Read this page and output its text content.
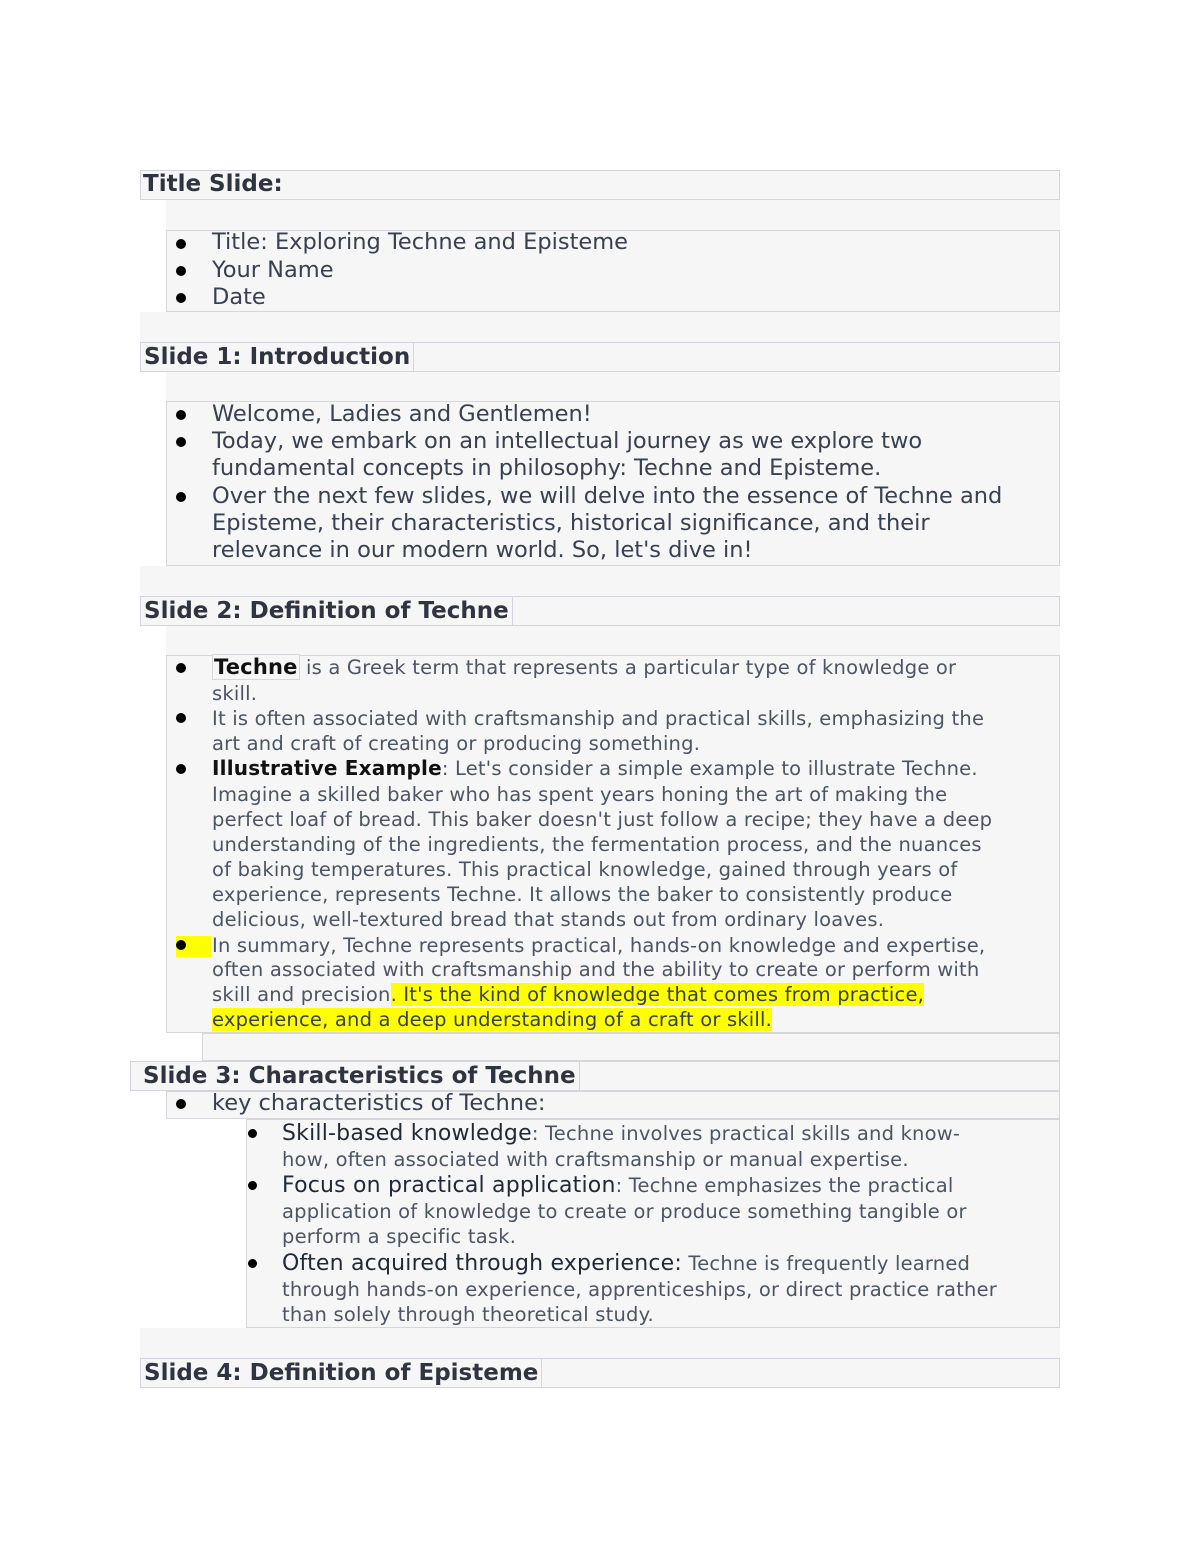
Title Slide:
Title: Exploring Techne and Episteme
Your Name
Date
Slide 1: Introduction
Welcome, Ladies and Gentlemen!
Today, we embark on an intellectual journey as we explore two
fundamental concepts in philosophy: Techne and Episteme.
Over the next few slides, we will delve into the essence of Techne and
Episteme, their characteristics, historical significance, and their
relevance in our modern world. So, let's dive in!
Slide 2: Definition of Techne
Techne is a Greek term that represents a particular type of knowledge or
skill.
It is often associated with craftsmanship and practical skills, emphasizing the
art and craft of creating or producing something.
Illustrative Example: Let's consider a simple example to illustrate Techne.
Imagine a skilled baker who has spent years honing the art of making the
perfect loaf of bread. This baker doesn't just follow a recipe; they have a deep
understanding of the ingredients, the fermentation process, and the nuances
of baking temperatures. This practical knowledge, gained through years of
experience, represents Techne. It allows the baker to consistently produce
delicious, well-textured bread that stands out from ordinary loaves.
In summary, Techne represents practical, hands-on knowledge and expertise,
often associated with craftsmanship and the ability to create or perform with
skill and precision. It's the kind of knowledge that comes from practice,
experience, and a deep understanding of a craft or skill.
Slide 3: Characteristics of Techne
key characteristics of Techne:
Skill-based knowledge: Techne involves practical skills and know-
how, often associated with craftsmanship or manual expertise.
Focus on practical application: Techne emphasizes the practical
application of knowledge to create or produce something tangible or
perform a specific task.
Often acquired through experience: Techne is frequently learned
through hands-on experience, apprenticeships, or direct practice rather
than solely through theoretical study.
Slide 4: Definition of Episteme
